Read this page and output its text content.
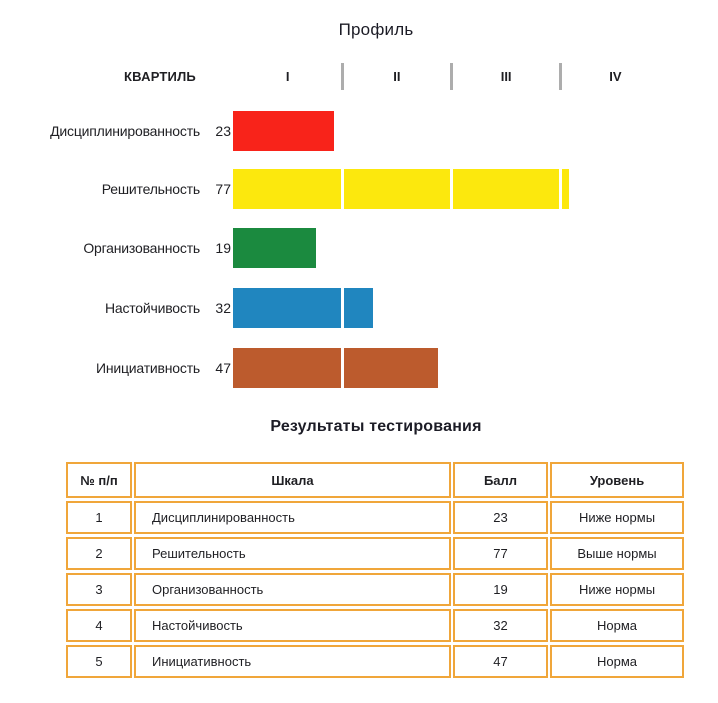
Профиль
КВАРТИЛЬ	I	II	III	IV
Дисциплинированность	23
Решительность	77
Организованность	19
Настойчивость	32
Инициативность	47
Результаты тестирования
№ п/п	Шкала	Балл	Уровень
1	Дисциплинированность	23	Ниже нормы
2	Решительность	77	Выше нормы
3	Организованность	19	Ниже нормы
4	Настойчивость	32	Норма
5	Инициативность	47	Норма
